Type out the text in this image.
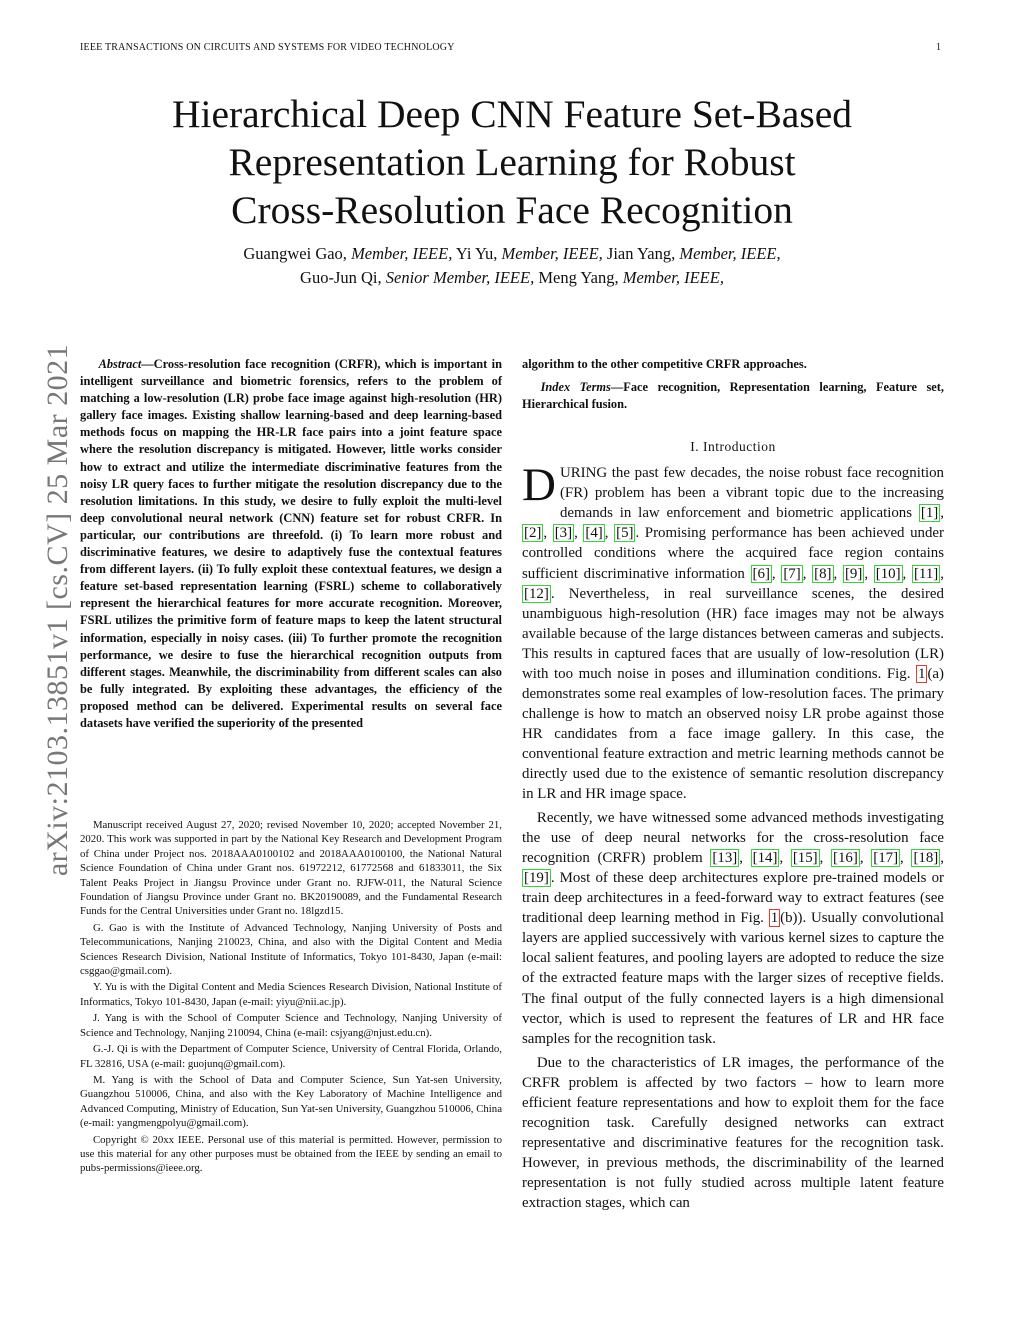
IEEE TRANSACTIONS ON CIRCUITS AND SYSTEMS FOR VIDEO TECHNOLOGY	1
arXiv:2103.13851v1 [cs.CV] 25 Mar 2021
Hierarchical Deep CNN Feature Set-Based
Representation Learning for Robust
Cross-Resolution Face Recognition
Guangwei Gao, Member, IEEE, Yi Yu, Member, IEEE, Jian Yang, Member, IEEE,
Guo-Jun Qi, Senior Member, IEEE, Meng Yang, Member, IEEE,

Abstract—Cross-resolution face recognition (CRFR), which is important in intelligent surveillance and biometric forensics, refers to the problem of matching a low-resolution (LR) probe face image against high-resolution (HR) gallery face images. Existing shallow learning-based and deep learning-based methods focus on mapping the HR-LR face pairs into a joint feature space where the resolution discrepancy is mitigated. However, little works consider how to extract and utilize the intermediate discriminative features from the noisy LR query faces to further mitigate the resolution discrepancy due to the resolution limitations. In this study, we desire to fully exploit the multi-level deep convolutional neural network (CNN) feature set for robust CRFR. In particular, our contributions are threefold. (i) To learn more robust and discriminative features, we desire to adaptively fuse the contextual features from different layers. (ii) To fully exploit these contextual features, we design a feature set-based representation learning (FSRL) scheme to collaboratively represent the hierarchical features for more accurate recognition. Moreover, FSRL utilizes the primitive form of feature maps to keep the latent structural information, especially in noisy cases. (iii) To further promote the recognition performance, we desire to fuse the hierarchical recognition outputs from different stages. Meanwhile, the discriminability from different scales can also be fully integrated. By exploiting these advantages, the efficiency of the proposed method can be delivered. Experimental results on several face datasets have verified the superiority of the presented

Manuscript received August 27, 2020; revised November 10, 2020; accepted November 21, 2020. This work was supported in part by the National Key Research and Development Program of China under Project nos. 2018AAA0100102 and 2018AAA0100100, the National Natural Science Foundation of China under Grant nos. 61972212, 61772568 and 61833011, the Six Talent Peaks Project in Jiangsu Province under Grant no. RJFW-011, the Natural Science Foundation of Jiangsu Province under Grant no. BK20190089, and the Fundamental Research Funds for the Central Universities under Grant no. 18lgzd15.

G. Gao is with the Institute of Advanced Technology, Nanjing University of Posts and Telecommunications, Nanjing 210023, China, and also with the Digital Content and Media Sciences Research Division, National Institute of Informatics, Tokyo 101-8430, Japan (e-mail: csggao@gmail.com).

Y. Yu is with the Digital Content and Media Sciences Research Division, National Institute of Informatics, Tokyo 101-8430, Japan (e-mail: yiyu@nii.ac.jp).

J. Yang is with the School of Computer Science and Technology, Nanjing University of Science and Technology, Nanjing 210094, China (e-mail: csjyang@njust.edu.cn).

G.-J. Qi is with the Department of Computer Science, University of Central Florida, Orlando, FL 32816, USA (e-mail: guojunq@gmail.com).

M. Yang is with the School of Data and Computer Science, Sun Yat-sen University, Guangzhou 510006, China, and also with the Key Laboratory of Machine Intelligence and Advanced Computing, Ministry of Education, Sun Yat-sen University, Guangzhou 510006, China (e-mail: yangmengpolyu@gmail.com).

Copyright © 20xx IEEE. Personal use of this material is permitted. However, permission to use this material for any other purposes must be obtained from the IEEE by sending an email to pubs-permissions@ieee.org.

algorithm to the other competitive CRFR approaches.

Index Terms—Face recognition, Representation learning, Feature set, Hierarchical fusion.

I. Introduction

DURING the past few decades, the noise robust face recognition (FR) problem has been a vibrant topic due to the increasing demands in law enforcement and biometric applications [1] , [2] , [3] , [4] , [5] . Promising performance has been achieved under controlled conditions where the acquired face region contains sufficient discriminative information [6] , [7] , [8] , [9] , [10] , [11] , [12] . Nevertheless, in real surveillance scenes, the desired unambiguous high-resolution (HR) face images may not be always available because of the large distances between cameras and subjects. This results in captured faces that are usually of low-resolution (LR) with too much noise in poses and illumination conditions. Fig. 1 (a) demonstrates some real examples of low-resolution faces. The primary challenge is how to match an observed noisy LR probe against those HR candidates from a face image gallery. In this case, the conventional feature extraction and metric learning methods cannot be directly used due to the existence of semantic resolution discrepancy in LR and HR image space.

Recently, we have witnessed some advanced methods investigating the use of deep neural networks for the cross-resolution face recognition (CRFR) problem [13] , [14] , [15] , [16] , [17] , [18] , [19] . Most of these deep architectures explore pre-trained models or train deep architectures in a feed-forward way to extract features (see traditional deep learning method in Fig. 1 (b)). Usually convolutional layers are applied successively with various kernel sizes to capture the local salient features, and pooling layers are adopted to reduce the size of the extracted feature maps with the larger sizes of receptive fields. The final output of the fully connected layers is a high dimensional vector, which is used to represent the features of LR and HR face samples for the recognition task.

Due to the characteristics of LR images, the performance of the CRFR problem is affected by two factors – how to learn more efficient feature representations and how to exploit them for the face recognition task. Carefully designed networks can extract representative and discriminative features for the recognition task. However, in previous methods, the discriminability of the learned representation is not fully studied across multiple latent feature extraction stages, which can
